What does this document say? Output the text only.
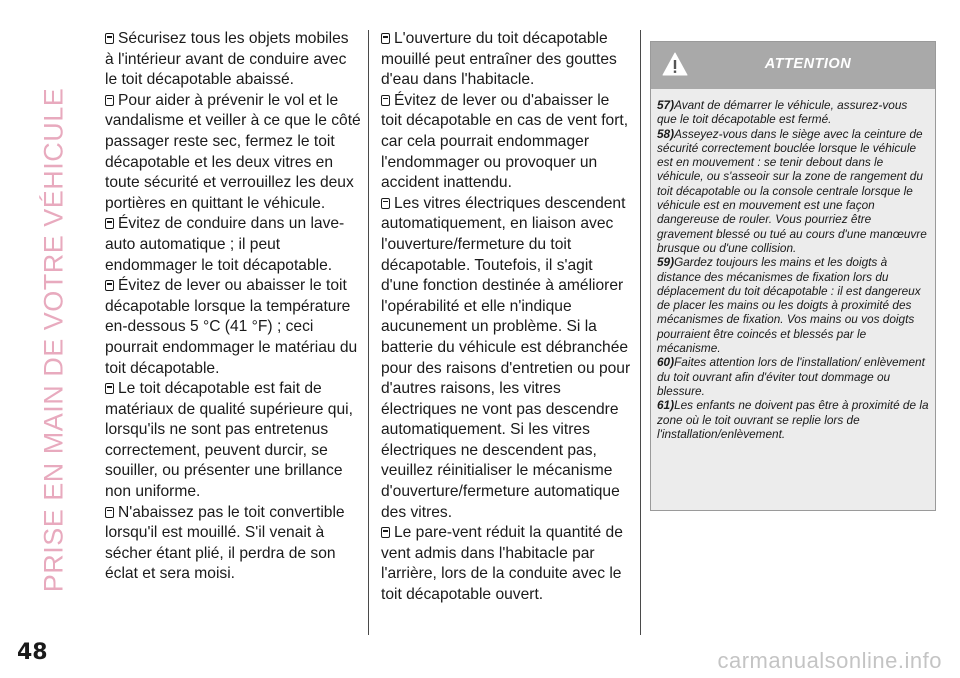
PRISE EN MAIN DE VOTRE VÉHICULE

Sécurisez tous les objets mobiles à l'intérieur avant de conduire avec le toit décapotable abaissé.

Pour aider à prévenir le vol et le vandalisme et veiller à ce que le côté passager reste sec, fermez le toit décapotable et les deux vitres en toute sécurité et verrouillez les deux portières en quittant le véhicule.

Évitez de conduire dans un lave-auto automatique ; il peut endommager le toit décapotable.

Évitez de lever ou abaisser le toit décapotable lorsque la température en-dessous 5 °C (41 °F) ; ceci pourrait endommager le matériau du toit décapotable.

Le toit décapotable est fait de matériaux de qualité supérieure qui, lorsqu'ils ne sont pas entretenus correctement, peuvent durcir, se souiller, ou présenter une brillance non uniforme.

N'abaissez pas le toit convertible lorsqu'il est mouillé. S'il venait à sécher étant plié, il perdra de son éclat et sera moisi.

L'ouverture du toit décapotable mouillé peut entraîner des gouttes d'eau dans l'habitacle.

Évitez de lever ou d'abaisser le toit décapotable en cas de vent fort, car cela pourrait endommager l'endommager ou provoquer un accident inattendu.

Les vitres électriques descendent automatiquement, en liaison avec l'ouverture/fermeture du toit décapotable. Toutefois, il s'agit d'une fonction destinée à améliorer l'opérabilité et elle n'indique aucunement un problème. Si la batterie du véhicule est débranchée pour des raisons d'entretien ou pour d'autres raisons, les vitres électriques ne vont pas descendre automatiquement. Si les vitres électriques ne descendent pas, veuillez réinitialiser le mécanisme d'ouverture/fermeture automatique des vitres.

Le pare-vent réduit la quantité de vent admis dans l'habitacle par l'arrière, lors de la conduite avec le toit décapotable ouvert.

ATTENTION

57)Avant de démarrer le véhicule, assurez-vous que le toit décapotable est fermé.

58)Asseyez-vous dans le siège avec la ceinture de sécurité correctement bouclée lorsque le véhicule est en mouvement : se tenir debout dans le véhicule, ou s'asseoir sur la zone de rangement du toit décapotable ou la console centrale lorsque le véhicule est en mouvement est une façon dangereuse de rouler. Vous pourriez être gravement blessé ou tué au cours d'une manœuvre brusque ou d'une collision.

59)Gardez toujours les mains et les doigts à distance des mécanismes de fixation lors du déplacement du toit décapotable : il est dangereux de placer les mains ou les doigts à proximité des mécanismes de fixation. Vos mains ou vos doigts pourraient être coincés et blessés par le mécanisme.

60)Faites attention lors de l'installation/ enlèvement du toit ouvrant afin d'éviter tout dommage ou blessure.

61)Les enfants ne doivent pas être à proximité de la zone où le toit ouvrant se replie lors de l'installation/enlèvement.

48	carmanualsonline.info
